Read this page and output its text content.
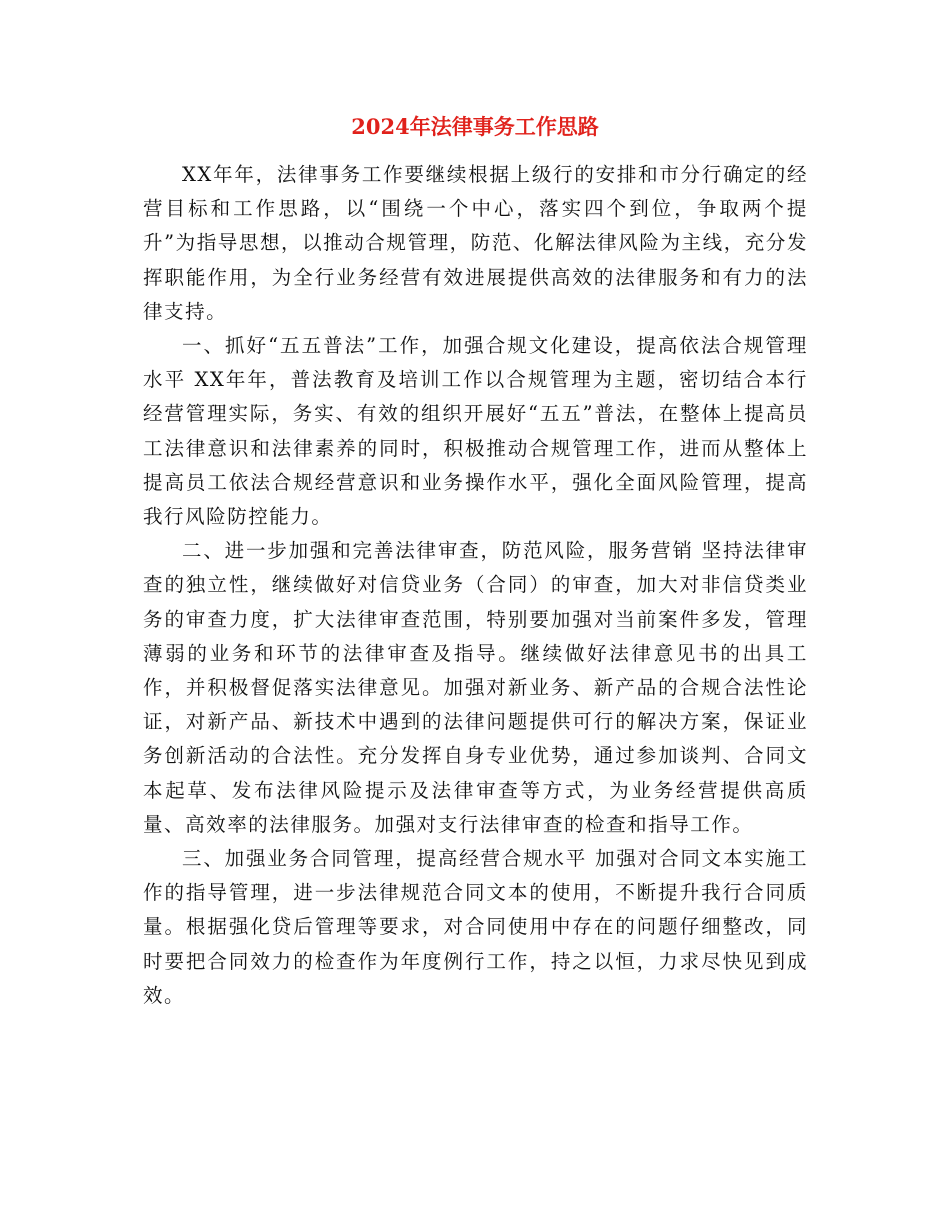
2024年法律事务工作思路

XX年年，法律事务工作要继续根据上级行的安排和市分行确定的经营目标和工作思路，以“围绕一个中心，落实四个到位，争取两个提升”为指导思想，以推动合规管理，防范、化解法律风险为主线，充分发挥职能作用，为全行业务经营有效进展提供高效的法律服务和有力的法律支持。

一、抓好“五五普法”工作，加强合规文化建设，提高依法合规管理水平 XX年年，普法教育及培训工作以合规管理为主题，密切结合本行经营管理实际，务实、有效的组织开展好“五五”普法，在整体上提高员工法律意识和法律素养的同时，积极推动合规管理工作，进而从整体上提高员工依法合规经营意识和业务操作水平，强化全面风险管理，提高我行风险防控能力。

二、进一步加强和完善法律审查，防范风险，服务营销 坚持法律审查的独立性，继续做好对信贷业务（合同）的审查，加大对非信贷类业务的审查力度，扩大法律审查范围，特别要加强对当前案件多发，管理薄弱的业务和环节的法律审查及指导。继续做好法律意见书的出具工作，并积极督促落实法律意见。加强对新业务、新产品的合规合法性论证，对新产品、新技术中遇到的法律问题提供可行的解决方案，保证业务创新活动的合法性。充分发挥自身专业优势，通过参加谈判、合同文本起草、发布法律风险提示及法律审查等方式，为业务经营提供高质量、高效率的法律服务。加强对支行法律审查的检查和指导工作。

三、加强业务合同管理，提高经营合规水平 加强对合同文本实施工作的指导管理，进一步法律规范合同文本的使用，不断提升我行合同质量。根据强化贷后管理等要求，对合同使用中存在的问题仔细整改，同时要把合同效力的检查作为年度例行工作，持之以恒，力求尽快见到成效。
